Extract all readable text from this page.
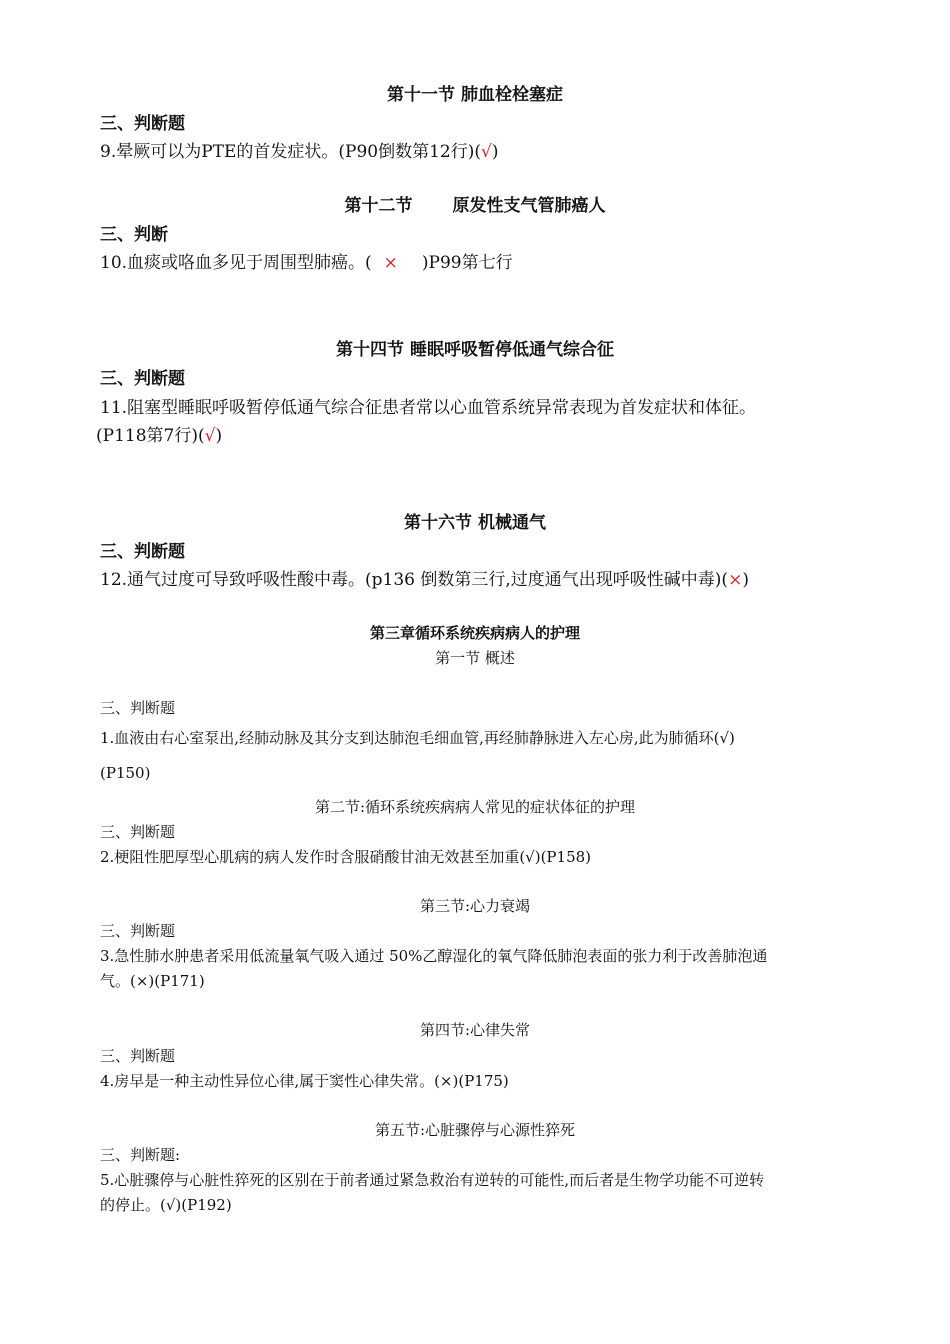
第十一节 肺血栓栓塞症
三、判断题
9.晕厥可以为PTE的首发症状。(P90倒数第12行)(√)
第十二节 原发性支气管肺癌人
三、判断
10.血痰或咯血多见于周围型肺癌。( × )P99第七行
第十四节 睡眠呼吸暂停低通气综合征
三、判断题
11.阻塞型睡眠呼吸暂停低通气综合征患者常以心血管系统异常表现为首发症状和体征。
(P118第7行)(√)
第十六节 机械通气
三、判断题
12.通气过度可导致呼吸性酸中毒。(p136 倒数第三行,过度通气出现呼吸性碱中毒)(×)
第三章循环系统疾病病人的护理
第一节 概述
三、判断题
1.血液由右心室泵出,经肺动脉及其分支到达肺泡毛细血管,再经肺静脉进入左心房,此为肺循环(√)
(P150)
第二节:循环系统疾病病人常见的症状体征的护理
三、判断题
2.梗阻性肥厚型心肌病的病人发作时含服硝酸甘油无效甚至加重(√)(P158)
第三节:心力衰竭
三、判断题
3.急性肺水肿患者采用低流量氧气吸入通过 50%乙醇湿化的氧气降低肺泡表面的张力利于改善肺泡通
气。(×)(P171)
第四节:心律失常
三、判断题
4.房早是一种主动性异位心律,属于窦性心律失常。(×)(P175)
第五节:心脏骤停与心源性猝死
三、判断题:
5.心脏骤停与心脏性猝死的区别在于前者通过紧急救治有逆转的可能性,而后者是生物学功能不可逆转
的停止。(√)(P192)
